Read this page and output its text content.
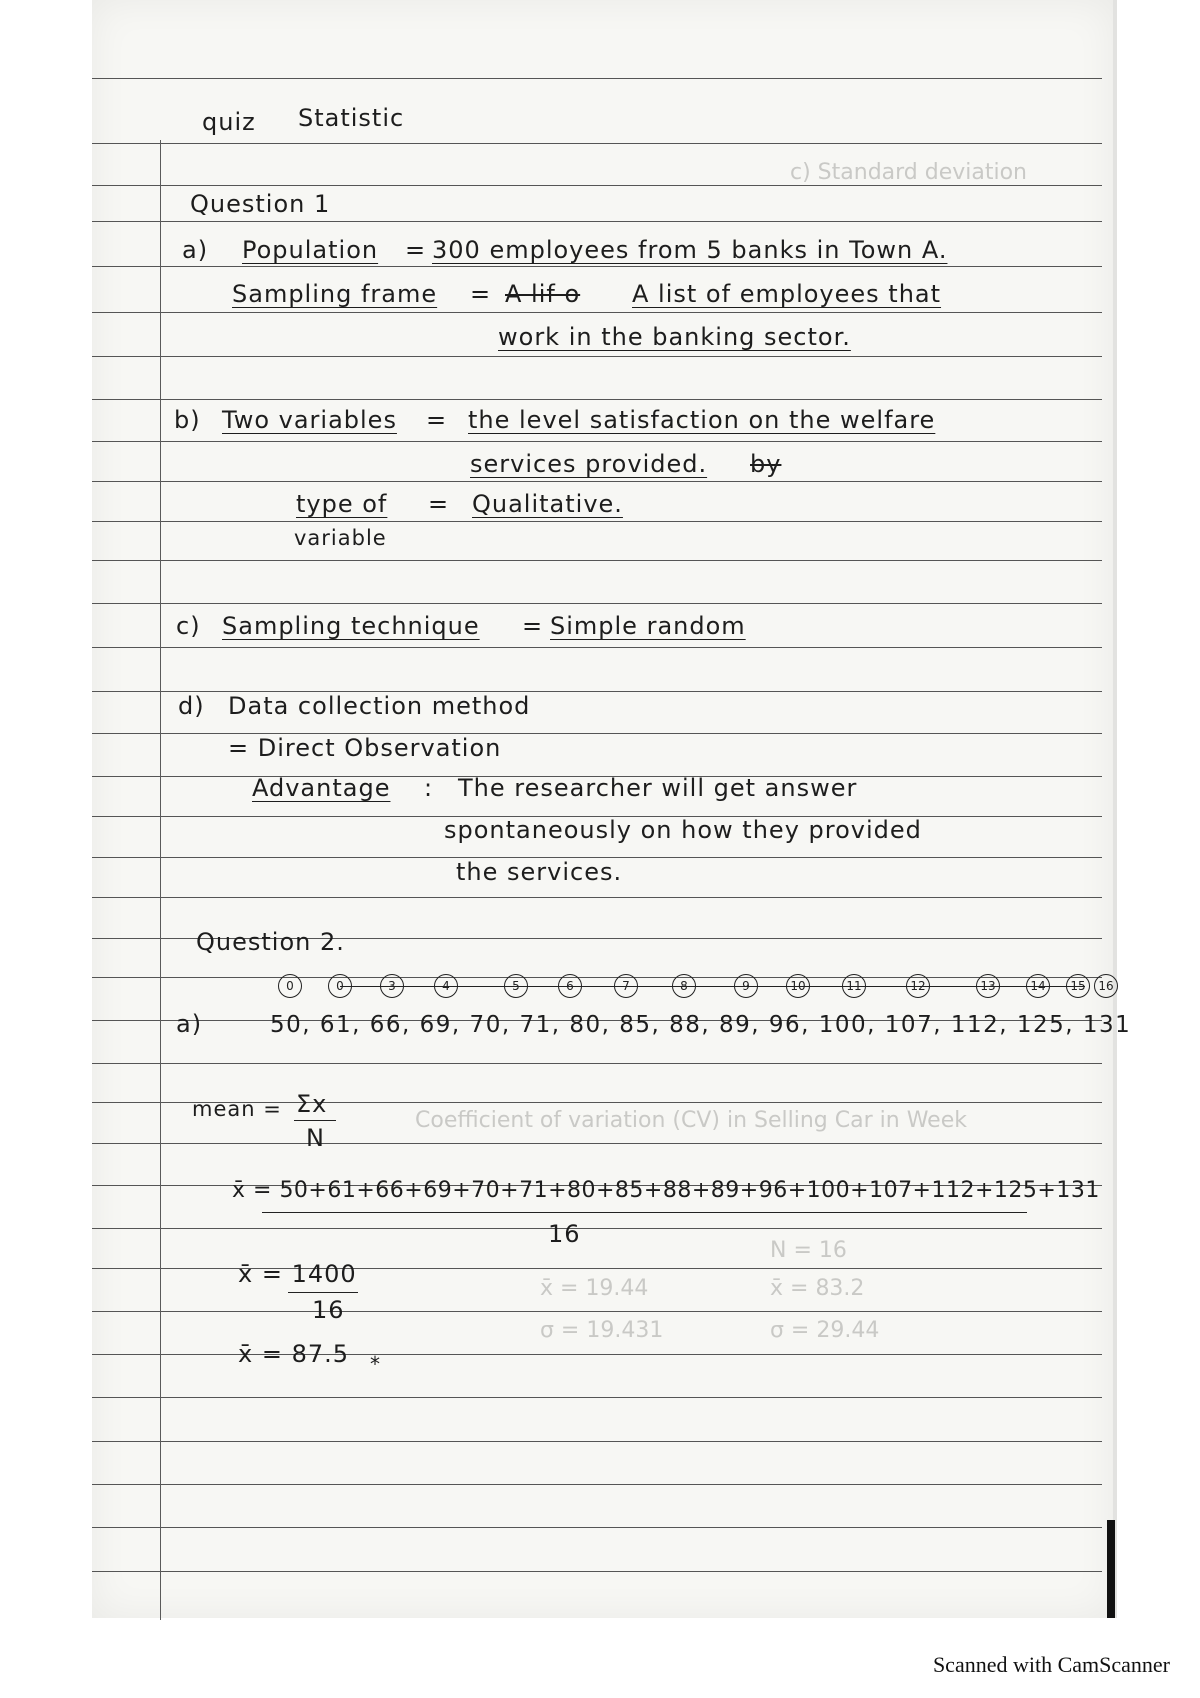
c) Standard deviation
Coefficient of variation (CV) in Selling Car in Week
N = 16
x̄ = 83.2
σ = 29.44
x̄ = 19.44
σ = 19.431
quiz Statistic
Question 1
a) Population = 300 employees from 5 banks in Town A.
Sampling frame = A lif o A list of employees that
work in the banking sector.
b) Two variables = the level satisfaction on the welfare
services provided. by
type of
variable
= Qualitative.
c) Sampling technique = Simple random
d) Data collection method
= Direct Observation
Advantage : The researcher will get answer
spontaneously on how they provided
the services.
Question 2.
0	0	3	4	5	6	7	8	9	10	11	12	13	14	15	16
a)	50, 61, 66, 69, 70, 71, 80, 85, 88, 89, 96, 100, 107, 112, 125, 131
mean = Σx
N
x̄ = 50+61+66+69+70+71+80+85+88+89+96+100+107+112+125+131
16
x̄ = 1400
16
x̄ = 87.5 *
Scanned with CamScanner
